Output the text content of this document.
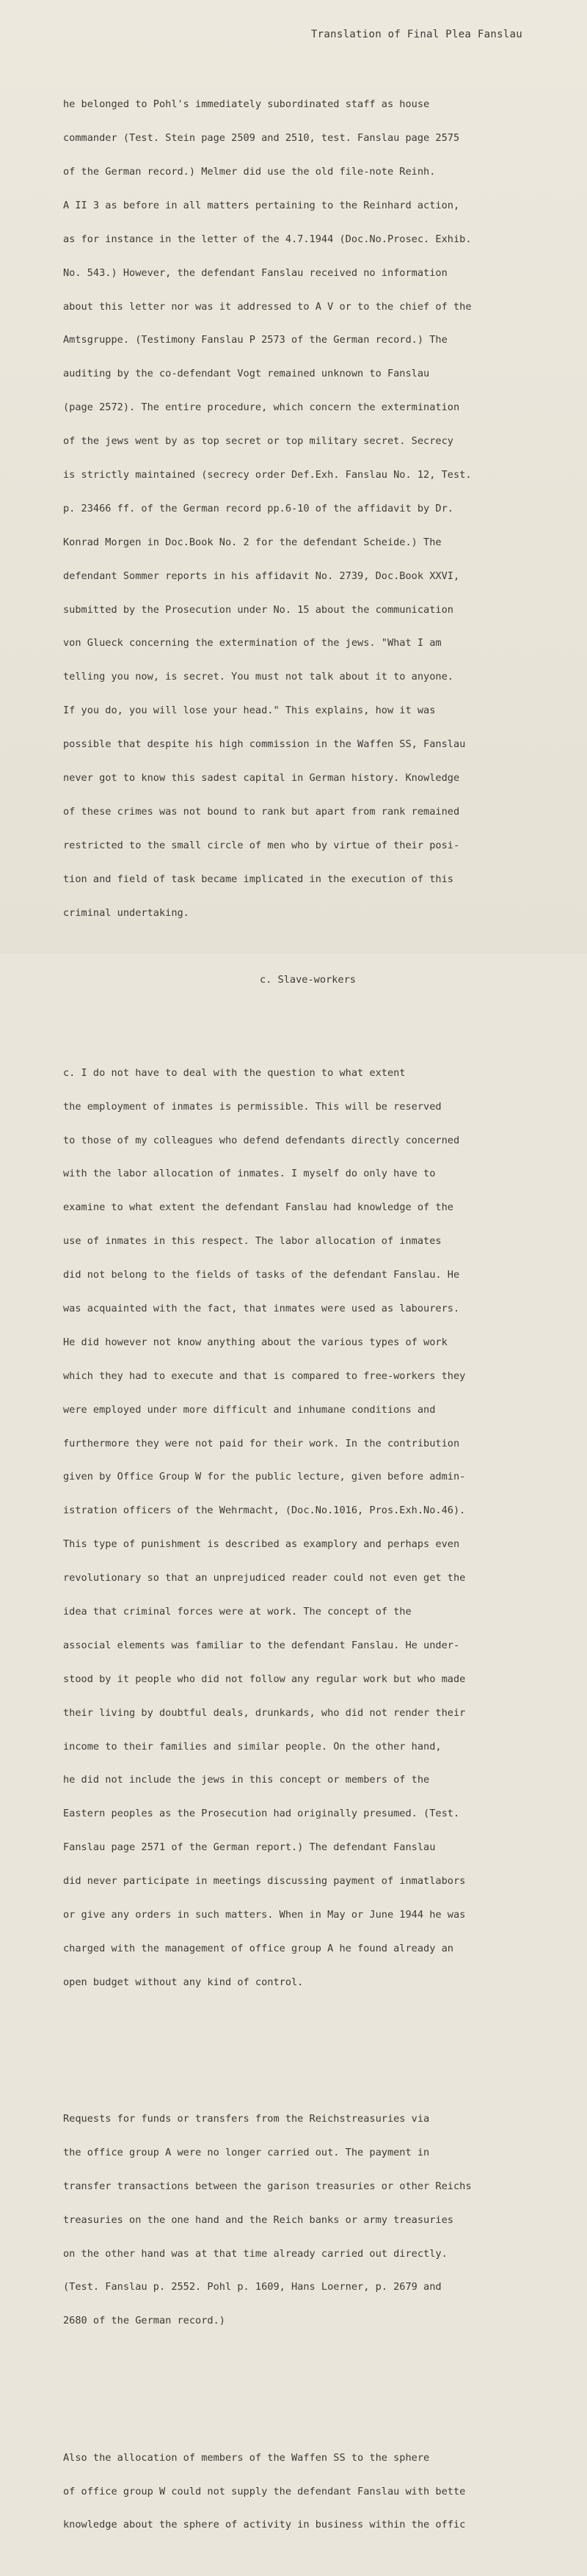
Translation of Final Plea Fanslau

he belonged to Pohl's immediately subordinated staff as house

commander (Test. Stein page 2509 and 2510, test. Fanslau page 2575

of the German record.) Melmer did use the old file-note Reinh.

A II 3 as before in all matters pertaining to the Reinhard action,

as for instance in the letter of the 4.7.1944 (Doc.No.Prosec. Exhib.

No. 543.) However, the defendant Fanslau received no information

about this letter nor was it addressed to A V or to the chief of the

Amtsgruppe. (Testimony Fanslau P 2573 of the German record.) The

auditing by the co-defendant Vogt remained unknown to Fanslau

(page 2572). The entire procedure, which concern the extermination

of the jews went by as top secret or top military secret. Secrecy

is strictly maintained (secrecy order Def.Exh. Fanslau No. 12, Test.

p. 23466 ff. of the German record pp.6-10 of the affidavit by Dr.

Konrad Morgen in Doc.Book No. 2 for the defendant Scheide.) The

defendant Sommer reports in his affidavit No. 2739, Doc.Book XXVI,

submitted by the Prosecution under No. 15 about the communication

von Glueck concerning the extermination of the jews. "What I am

telling you now, is secret. You must not talk about it to anyone.

If you do, you will lose your head." This explains, how it was

possible that despite his high commission in the Waffen SS, Fanslau

never got to know this sadest capital in German history. Knowledge

of these crimes was not bound to rank but apart from rank remained

restricted to the small circle of men who by virtue of their posi-

tion and field of task became implicated in the execution of this

criminal undertaking.

c. Slave-workers

c. I do not have to deal with the question to what extent

the employment of inmates is permissible. This will be reserved

to those of my colleagues who defend defendants directly concerned

with the labor allocation of inmates. I myself do only have to

examine to what extent the defendant Fanslau had knowledge of the

use of inmates in this respect. The labor allocation of inmates

did not belong to the fields of tasks of the defendant Fanslau. He

was acquainted with the fact, that inmates were used as labourers.

He did however not know anything about the various types of work

which they had to execute and that is compared to free-workers they

were employed under more difficult and inhumane conditions and

furthermore they were not paid for their work. In the contribution

given by Office Group W for the public lecture, given before admin-

istration officers of the Wehrmacht, (Doc.No.1016, Pros.Exh.No.46).

This type of punishment is described as examplory and perhaps even

revolutionary so that an unprejudiced reader could not even get the

idea that criminal forces were at work. The concept of the

associal elements was familiar to the defendant Fanslau. He under-

stood by it people who did not follow any regular work but who made

their living by doubtful deals, drunkards, who did not render their

income to their families and similar people. On the other hand,

he did not include the jews in this concept or members of the

Eastern peoples as the Prosecution had originally presumed. (Test.

Fanslau page 2571 of the German report.) The defendant Fanslau

did never participate in meetings discussing payment of inmatlabors

or give any orders in such matters. When in May or June 1944 he was

charged with the management of office group A he found already an

open budget without any kind of control.

Requests for funds or transfers from the Reichstreasuries via

the office group A were no longer carried out. The payment in

transfer transactions between the garison treasuries or other Reichs

treasuries on the one hand and the Reich banks or army treasuries

on the other hand was at that time already carried out directly.

(Test. Fanslau p. 2552. Pohl p. 1609, Hans Loerner, p. 2679 and

2680 of the German record.)

Also the allocation of members of the Waffen SS to the sphere

of office group W could not supply the defendant Fanslau with bette

knowledge about the sphere of activity in business within the offic
